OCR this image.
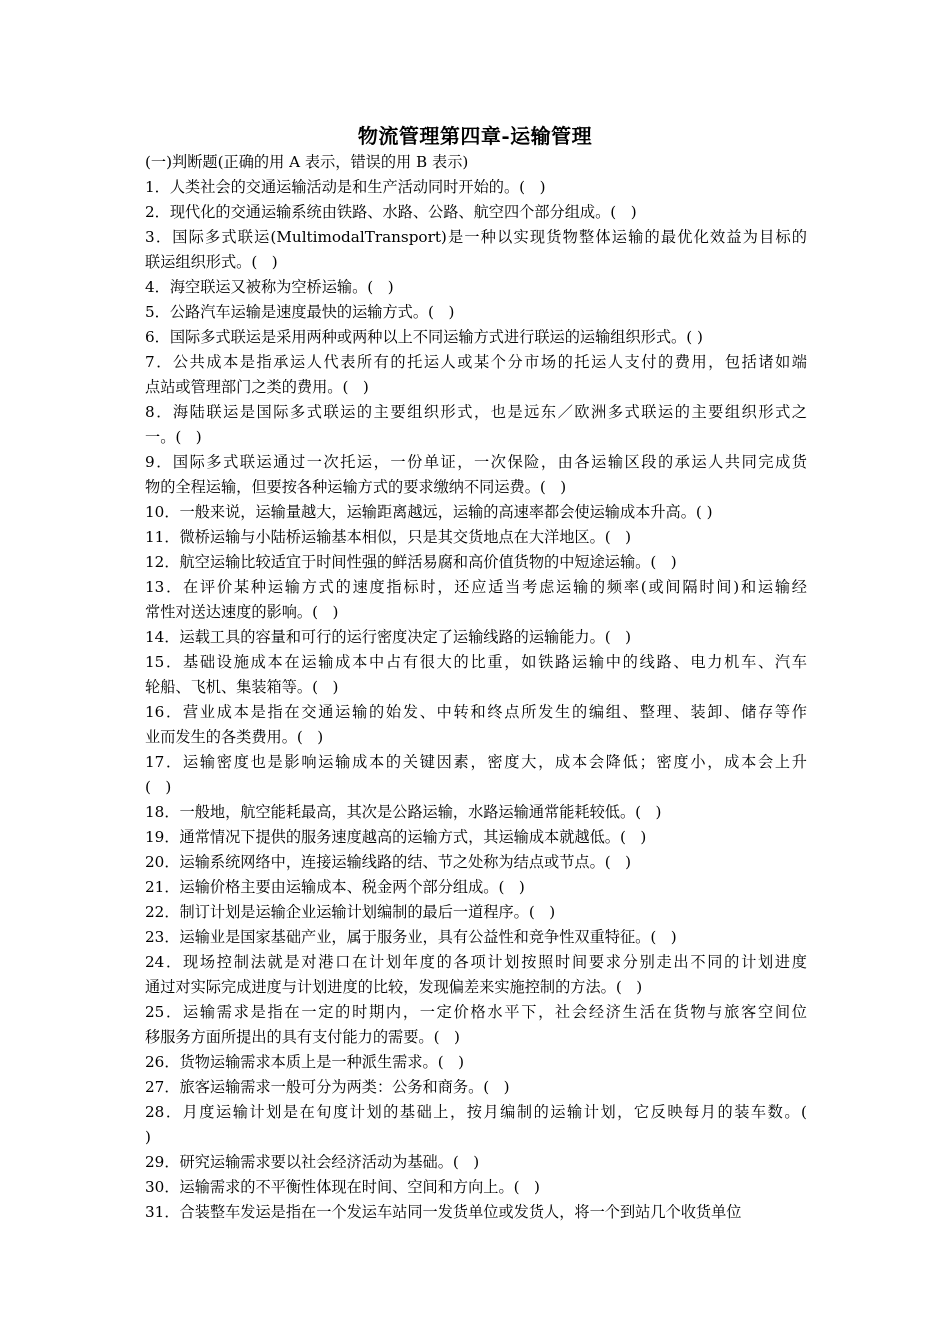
物流管理第四章-运输管理
(一)判断题(正确的用 A 表示，错误的用 B 表示)
1．人类社会的交通运输活动是和生产活动同时开始的。(   )
2．现代化的交通运输系统由铁路、水路、公路、航空四个部分组成。(   )
3．国际多式联运(MultimodalTransport)是一种以实现货物整体运输的最优化效益为目标的
联运组织形式。(   )
4．海空联运又被称为空桥运输。(   )
5．公路汽车运输是速度最快的运输方式。(   )
6．国际多式联运是采用两种或两种以上不同运输方式进行联运的运输组织形式。( )
7．公共成本是指承运人代表所有的托运人或某个分市场的托运人支付的费用，包括诸如端
点站或管理部门之类的费用。(   )
8．海陆联运是国际多式联运的主要组织形式，也是远东／欧洲多式联运的主要组织形式之
一。(   )
9．国际多式联运通过一次托运，一份单证，一次保险，由各运输区段的承运人共同完成货
物的全程运输，但要按各种运输方式的要求缴纳不同运费。(   )
10．一般来说，运输量越大，运输距离越远，运输的高速率都会使运输成本升高。( )
11．微桥运输与小陆桥运输基本相似，只是其交货地点在大洋地区。(   )
12．航空运输比较适宜于时间性强的鲜活易腐和高价值货物的中短途运输。(   )
13．在评价某种运输方式的速度指标时，还应适当考虑运输的频率(或间隔时间)和运输经
常性对送达速度的影响。(   )
14．运载工具的容量和可行的运行密度决定了运输线路的运输能力。(   )
15．基础设施成本在运输成本中占有很大的比重，如铁路运输中的线路、电力机车、汽车
轮船、飞机、集装箱等。(   )
16．营业成本是指在交通运输的始发、中转和终点所发生的编组、整理、装卸、储存等作
业而发生的各类费用。(   )
17．运输密度也是影响运输成本的关键因素，密度大，成本会降低；密度小，成本会上升
(   )
18．一般地，航空能耗最高，其次是公路运输，水路运输通常能耗较低。(   )
19．通常情况下提供的服务速度越高的运输方式，其运输成本就越低。(   )
20．运输系统网络中，连接运输线路的结、节之处称为结点或节点。(   )
21．运输价格主要由运输成本、税金两个部分组成。(   )
22．制订计划是运输企业运输计划编制的最后一道程序。(   )
23．运输业是国家基础产业，属于服务业，具有公益性和竞争性双重特征。(   )
24．现场控制法就是对港口在计划年度的各项计划按照时间要求分别走出不同的计划进度
通过对实际完成进度与计划进度的比较，发现偏差来实施控制的方法。(   )
25．运输需求是指在一定的时期内，一定价格水平下，社会经济生活在货物与旅客空间位
移服务方面所提出的具有支付能力的需要。(   )
26．货物运输需求本质上是一种派生需求。(   )
27．旅客运输需求一般可分为两类：公务和商务。(   )
28．月度运输计划是在旬度计划的基础上，按月编制的运输计划，它反映每月的装车数。(
)
29．研究运输需求要以社会经济活动为基础。(   )
30．运输需求的不平衡性体现在时间、空间和方向上。(   )
31．合装整车发运是指在一个发运车站同一发货单位或发货人，将一个到站几个收货单位
